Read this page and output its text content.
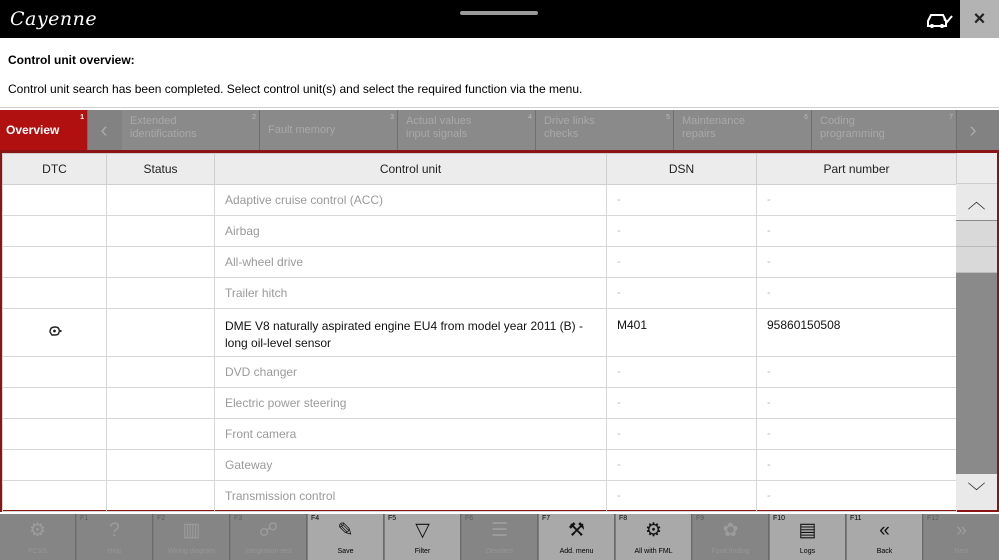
Cayenne	×
Control unit overview:
Control unit search has been completed. Select control unit(s) and select the required function via the menu.
1
Overview	‹	2
Extended identifications
3
Fault memory
4
Actual values input signals
5
Drive links checks
6
Maintenance repairs
7
Coding programming	›
DTC	Status	Control unit	DSN	Part number
		Adaptive cruise control (ACC)	-	-
		Airbag	-	-
		All-wheel drive	-	-
		Trailer hitch	-	-
		DME V8 naturally aspirated engine EU4 from model year 2011 (B) - long oil-level sensor	M401	95860150508
		DVD changer	-	-
		Electric power steering	-	-
		Front camera	-	-
		Gateway	-	-
		Transmission control	-	-
︿
﹀
⚙
PCSS
F1
?
Help
F2
▥
Wiring diagram
F3
☍
Integration test
F4
✎
Save
F5
▽
Filter
F6
☰
Deselect
F7
⚒
Add. menu
F8
⚙
All with FML
F9
✿
Fault finding
F10
▤
Logs
F11
«
Back
F12
»
Next
